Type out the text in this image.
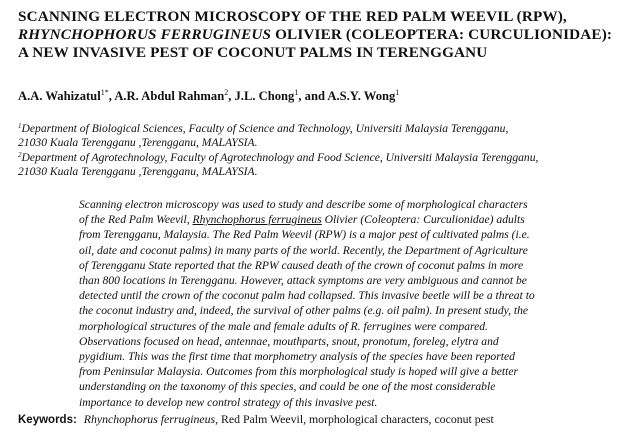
SCANNING ELECTRON MICROSCOPY OF THE RED PALM WEEVIL (RPW),
RHYNCHOPHORUS FERRUGINEUS OLIVIER (COLEOPTERA: CURCULIONIDAE):
A NEW INVASIVE PEST OF COCONUT PALMS IN TERENGGANU
A.A. Wahizatul$^{1*}$, A.R. Abdul Rahman$^2$, J.L. Chong$^1$, and A.S.Y. Wong$^1$
$^1$Department of Biological Sciences, Faculty of Science and Technology, Universiti Malaysia Terengganu,
21030 Kuala Terengganu ,Terengganu, MALAYSIA.
$^2$Department of Agrotechnology, Faculty of Agrotechnology and Food Science, Universiti Malaysia Terengganu,
21030 Kuala Terengganu ,Terengganu, MALAYSIA.
Scanning electron microscopy was used to study and describe some of morphological characters
of the Red Palm Weevil, Rhynchophorus ferrugineus Olivier (Coleoptera: Curculionidae) adults
from Terengganu, Malaysia. The Red Palm Weevil (RPW) is a major pest of cultivated palms (i.e.
oil, date and coconut palms) in many parts of the world. Recently, the Department of Agriculture
of Terengganu State reported that the RPW caused death of the crown of coconut palms in more
than 800 locations in Terengganu. However, attack symptoms are very ambiguous and cannot be
detected until the crown of the coconut palm had collapsed. This invasive beetle will be a threat to
the coconut industry and, indeed, the survival of other palms (e.g. oil palm). In present study, the
morphological structures of the male and female adults of R. ferrugines were compared.
Observations focused on head, antennae, mouthparts, snout, pronotum, foreleg, elytra and
pygidium. This was the first time that morphometry analysis of the species have been reported
from Peninsular Malaysia. Outcomes from this morphological study is hoped will give a better
understanding on the taxonomy of this species, and could be one of the most considerable
importance to develop new control strategy of this invasive pest.
Keywords: Rhynchophorus ferrugineus, Red Palm Weevil, morphological characters, coconut pest
